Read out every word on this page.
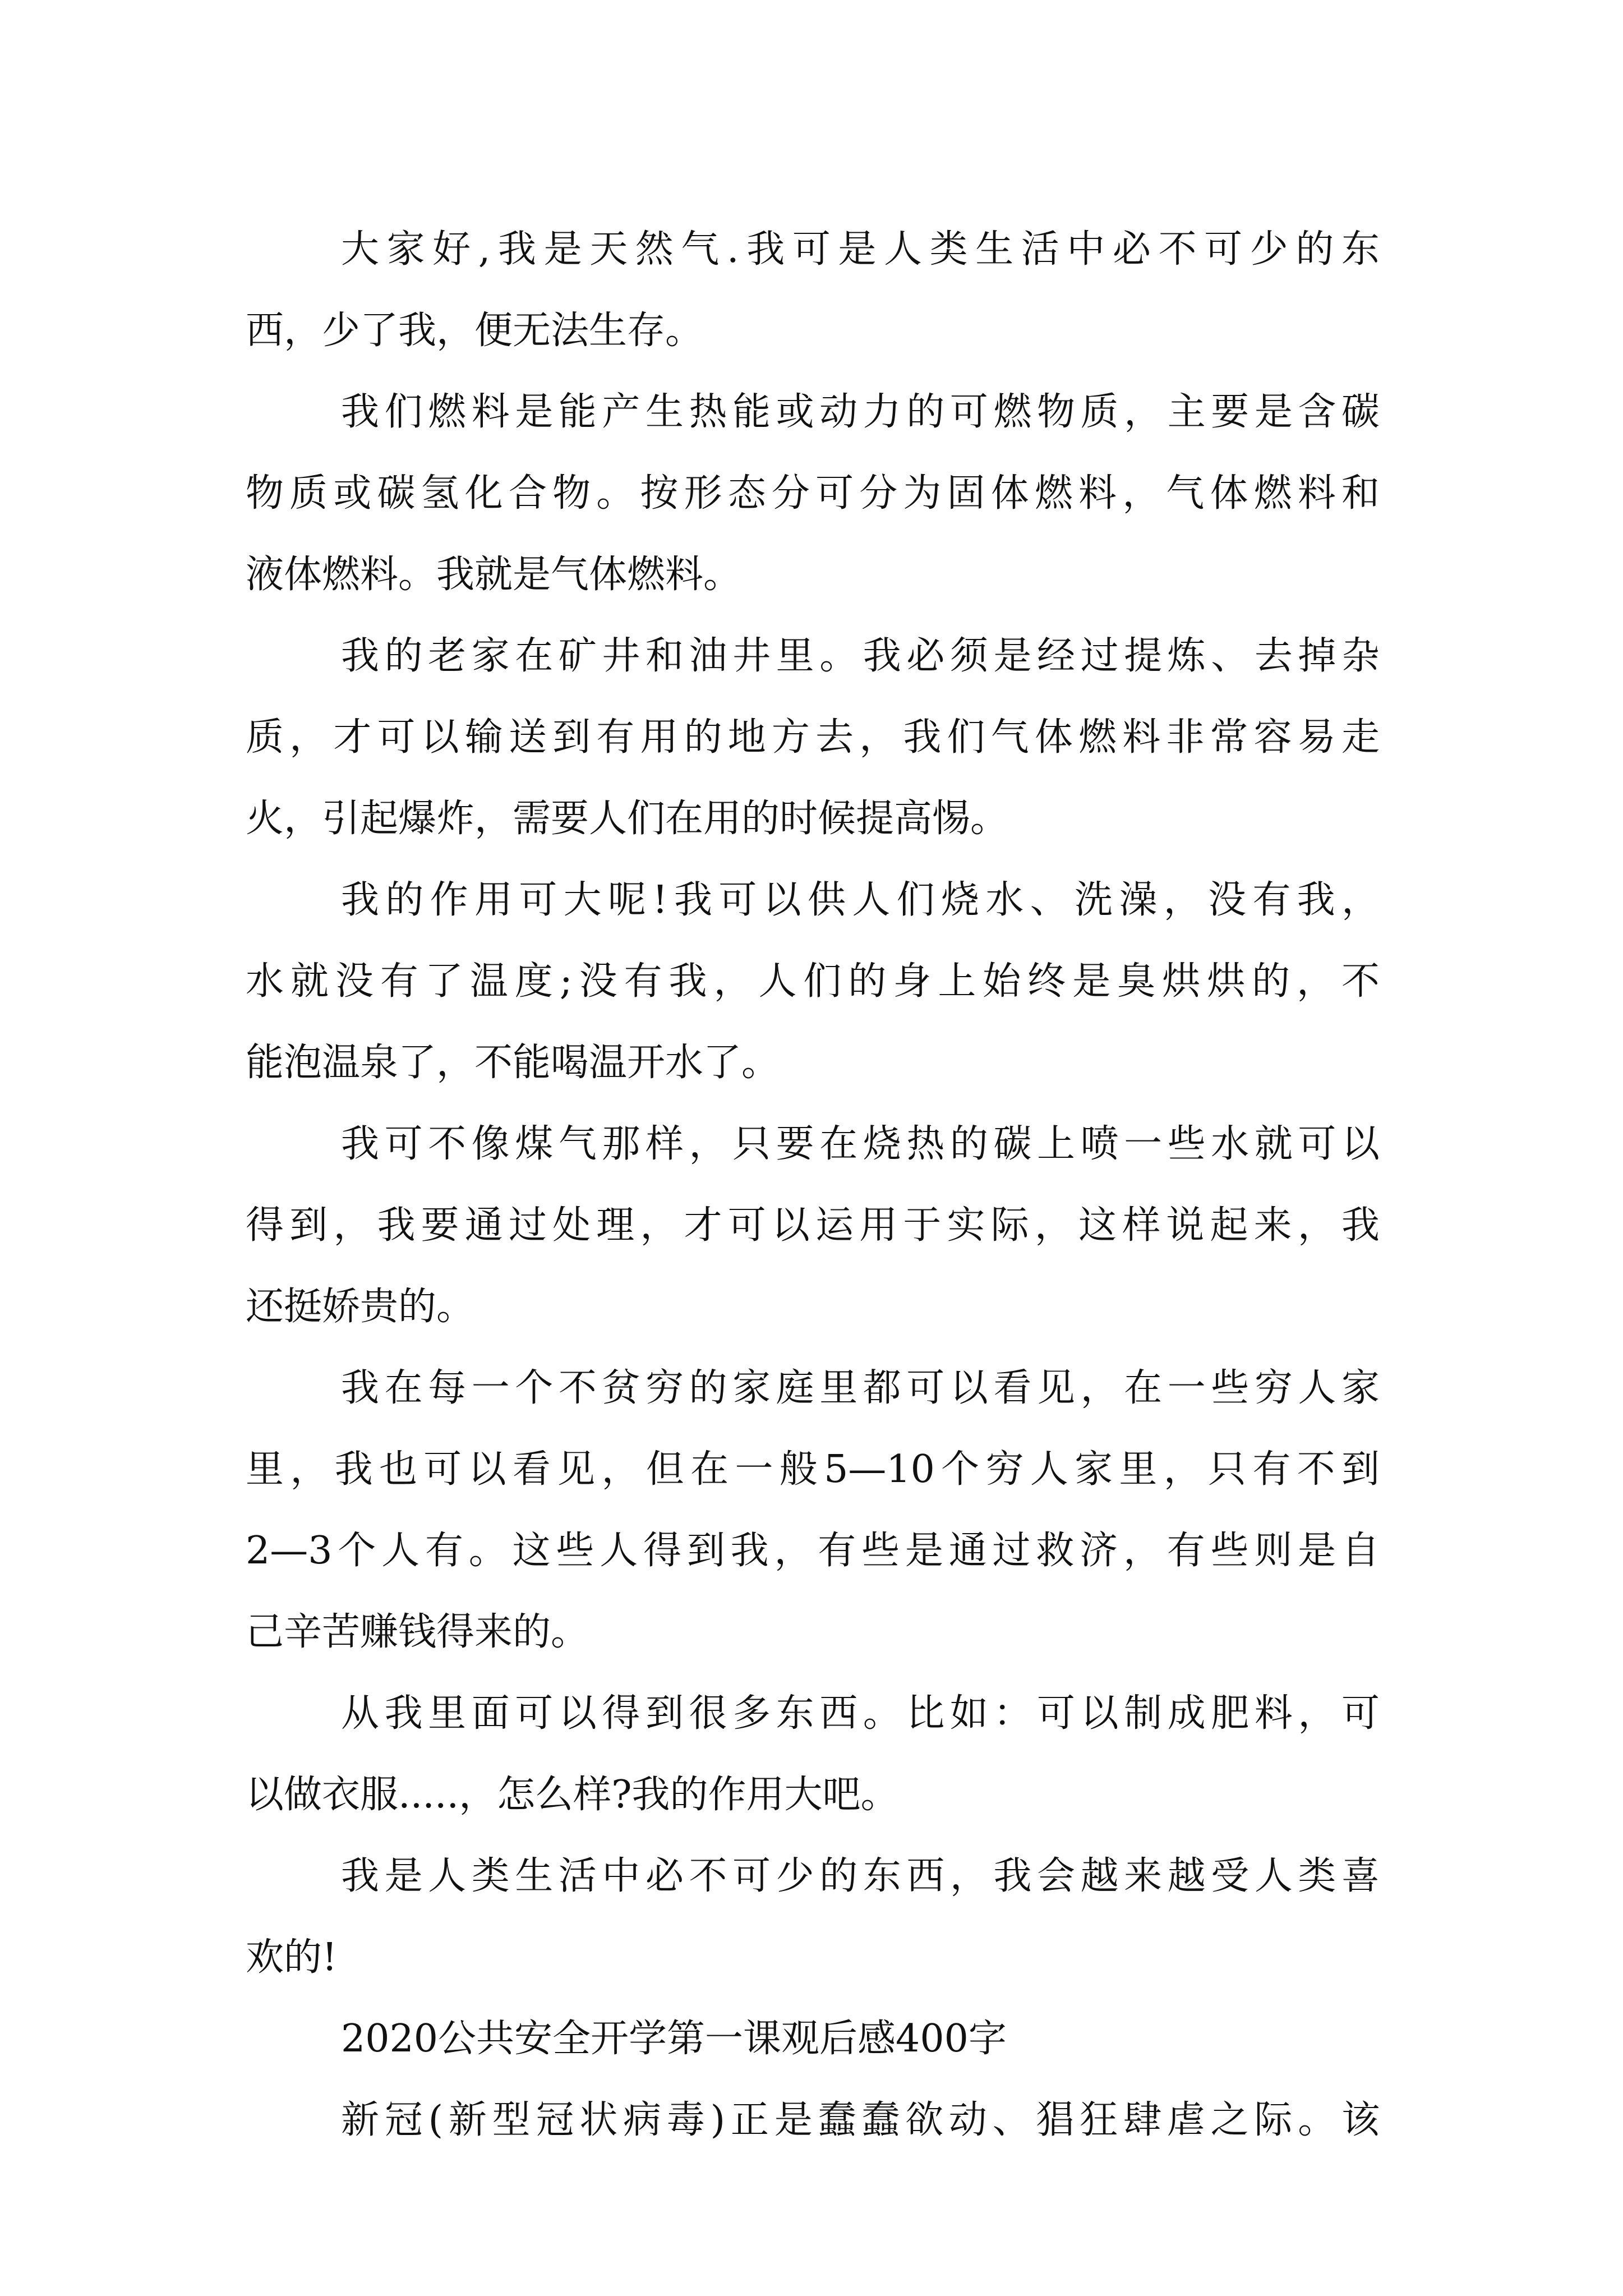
大家好,我是天然气.我可是人类生活中必不可少的东
西，少了我，便无法生存。
我们燃料是能产生热能或动力的可燃物质，主要是含碳
物质或碳氢化合物。按形态分可分为固体燃料，气体燃料和
液体燃料。我就是气体燃料。
我的老家在矿井和油井里。我必须是经过提炼、去掉杂
质，才可以输送到有用的地方去，我们气体燃料非常容易走
火，引起爆炸，需要人们在用的时候提高惕。
我的作用可大呢!我可以供人们烧水、洗澡，没有我，
水就没有了温度;没有我，人们的身上始终是臭烘烘的，不
能泡温泉了，不能喝温开水了。
我可不像煤气那样，只要在烧热的碳上喷一些水就可以
得到，我要通过处理，才可以运用于实际，这样说起来，我
还挺娇贵的。
我在每一个不贫穷的家庭里都可以看见，在一些穷人家
里，我也可以看见，但在一般5—10个穷人家里，只有不到
2—3个人有。这些人得到我，有些是通过救济，有些则是自
己辛苦赚钱得来的。
从我里面可以得到很多东西。比如：可以制成肥料，可
以做衣服.....，怎么样?我的作用大吧。
我是人类生活中必不可少的东西，我会越来越受人类喜
欢的!
2020公共安全开学第一课观后感400字
新冠(新型冠状病毒)正是蠢蠢欲动、猖狂肆虐之际。该
